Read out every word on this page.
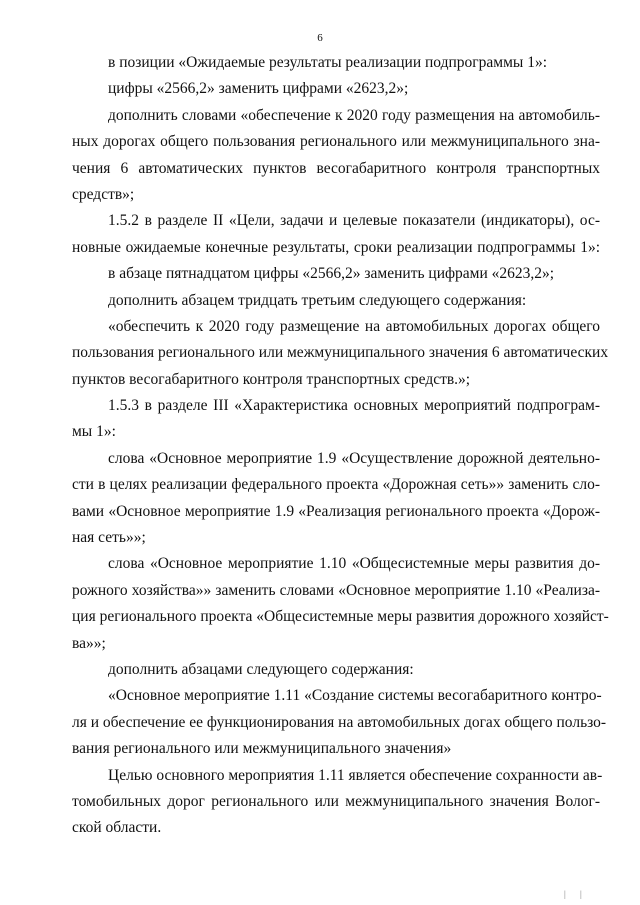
6
в позиции «Ожидаемые результаты реализации подпрограммы 1»:
цифры «2566,2» заменить цифрами «2623,2»;
дополнить словами «обеспечение к 2020 году размещения на автомобиль-
ных дорогах общего пользования регионального или межмуниципального зна-
чения 6 автоматических пунктов весогабаритного контроля транспортных
средств»;
1.5.2 в разделе II «Цели, задачи и целевые показатели (индикаторы), ос-
новные ожидаемые конечные результаты, сроки реализации подпрограммы 1»:
в абзаце пятнадцатом цифры «2566,2» заменить цифрами «2623,2»;
дополнить абзацем тридцать третьим следующего содержания:
«обеспечить к 2020 году размещение на автомобильных дорогах общего
пользования регионального или межмуниципального значения 6 автоматических
пунктов весогабаритного контроля транспортных средств.»;
1.5.3 в разделе III «Характеристика основных мероприятий подпрограм-
мы 1»:
слова «Основное мероприятие 1.9 «Осуществление дорожной деятельно-
сти в целях реализации федерального проекта «Дорожная сеть»» заменить сло-
вами «Основное мероприятие 1.9 «Реализация регионального проекта «Дорож-
ная сеть»»;
слова «Основное мероприятие 1.10 «Общесистемные меры развития до-
рожного хозяйства»» заменить словами «Основное мероприятие 1.10 «Реализа-
ция регионального проекта «Общесистемные меры развития дорожного хозяйст-
ва»»;
дополнить абзацами следующего содержания:
«Основное мероприятие 1.11 «Создание системы весогабаритного контро-
ля и обеспечение ее функционирования на автомобильных догах общего пользо-
вания регионального или межмуниципального значения»
Целью основного мероприятия 1.11 является обеспечение сохранности ав-
томобильных дорог регионального или межмуниципального значения Волог-
ской области.
| |
